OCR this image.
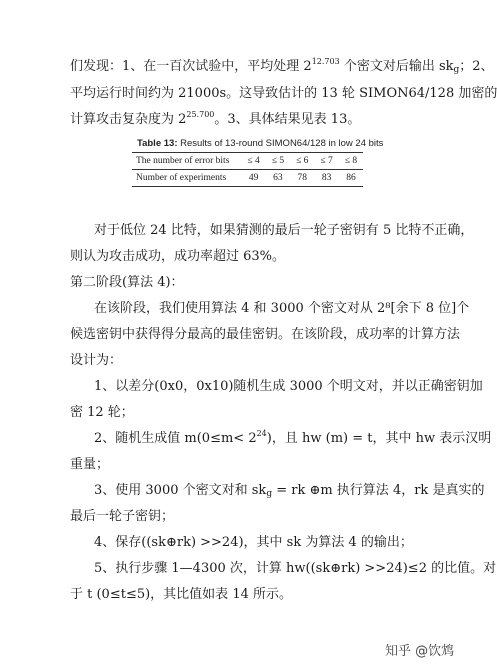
们发现：1、在一百次试验中，平均处理 $2^{12.703}$ 个密文对后输出 $sk_g$；2、
平均运行时间约为 21000s。这导致估计的 13 轮 SIMON64/128 加密的
计算攻击复杂度为 $2^{25.700}$。3、具体结果见表 13。
Table 13: Results of 13-round SIMON64/128 in low 24 bits
The number of error bits	≤ 4	≤ 5	≤ 6	≤ 7	≤ 8
Number of experiments	49	63	78	83	86
对于低位 24 比特，如果猜测的最后一轮子密钥有 5 比特不正确，
则认为攻击成功，成功率超过 63%。
第二阶段(算法 4)：
在该阶段，我们使用算法 4 和 3000 个密文对从 2⁸[余下 8 位]个
候选密钥中获得得分最高的最佳密钥。在该阶段，成功率的计算方法
设计为：
1、以差分(0x0，0x10)随机生成 3000 个明文对，并以正确密钥加
密 12 轮；
2、随机生成值 $m(0\le m< 2^{24})$，且 hw (m) = t，其中 hw 表示汉明
重量；
3、使用 3000 个密文对和 $sk_g$ = rk ⊕m 执行算法 4，rk 是真实的
最后一轮子密钥；
4、保存((sk⊕rk) >>24)，其中 sk 为算法 4 的输出；
5、执行步骤 1—4300 次，计算 hw((sk⊕rk) >>24)≤2 的比值。对
于 t (0≤t≤5)，其比值如表 14 所示。
知乎 @饮鸩
